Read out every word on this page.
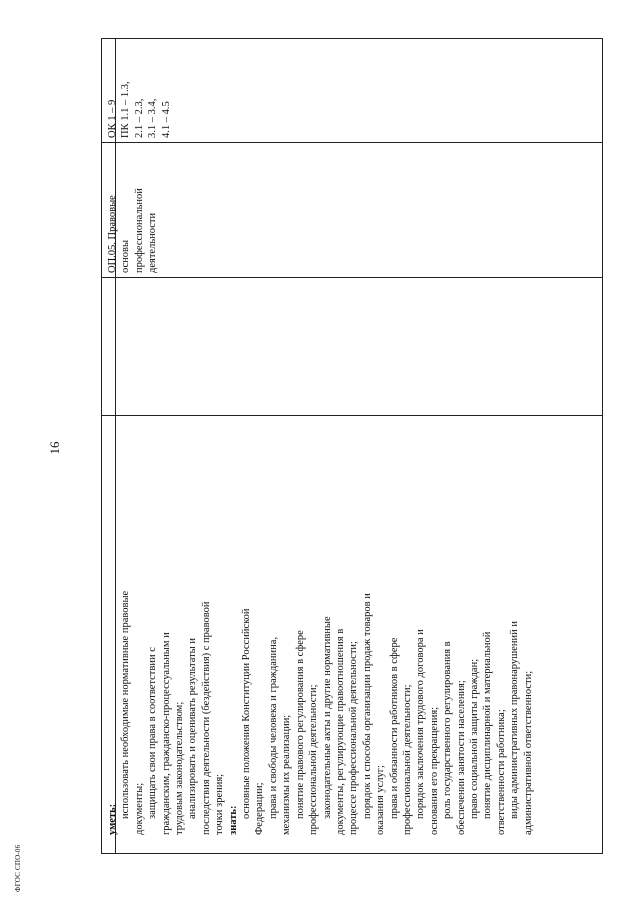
16
ФГОС СПО-06
уметь:
использовать необходимые нормативные правовые документы; защищать свои права в соответствии с гражданским, гражданско-процессуальным и трудовым законодательством; анализировать и оценивать результаты и последствия деятельности (бездействия) с правовой точки зрения; знать:
основные положения Конституции Российской Федерации; права и свободы человека и гражданина, механизмы их реализации; понятие правового регулирования в сфере профессиональной деятельности; законодательные акты и другие нормативные документы, регулирующие правоотношения в процессе профессиональной деятельности; порядок и способы организации продаж товаров и оказания услуг; права и обязанности работников в сфере профессиональной деятельности; порядок заключения трудового договора и основания его прекращения; роль государственного регулирования в обеспечении занятости населения; право социальной защиты граждан; понятие дисциплинарной и материальной ответственности работника; виды административных правонарушений и административной ответственности;
ОП.05. Правовые основы профессиональной деятельности
ОК 1 – 9 ПК 1.1 – 1.3, 2.1 – 2.3, 3.1 – 3.4, 4.1 – 4.5
